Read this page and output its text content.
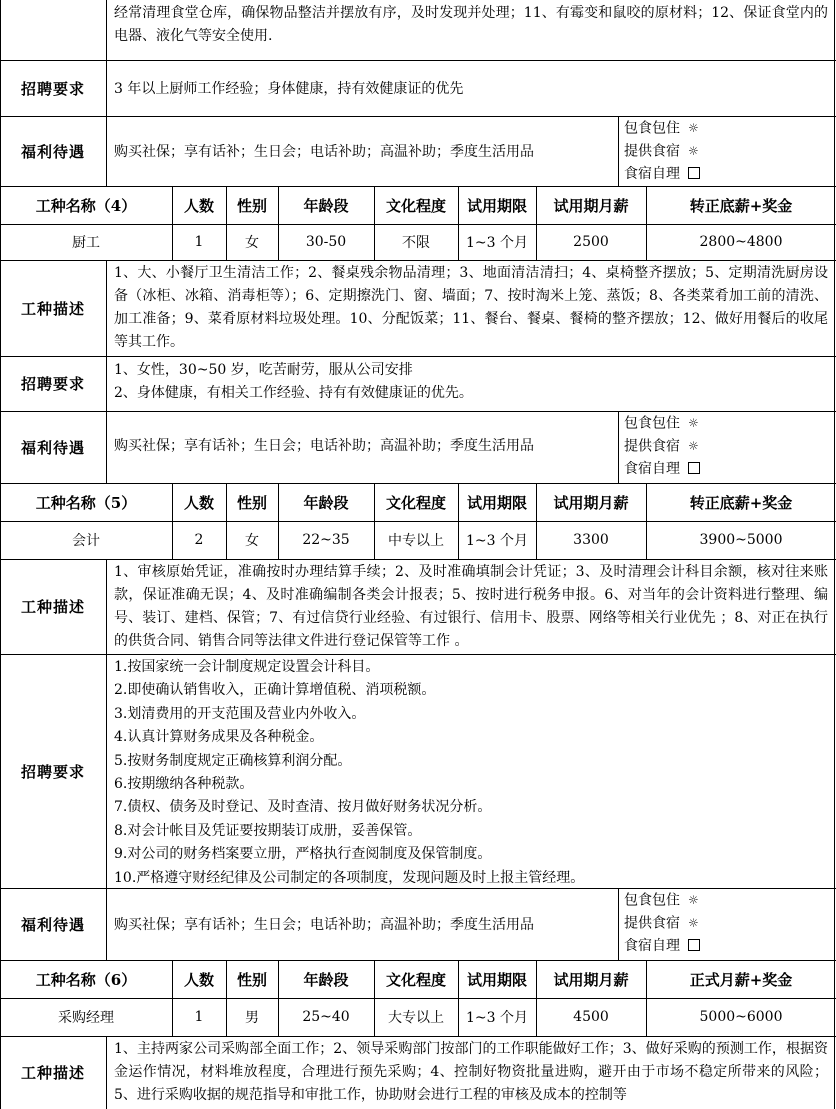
经常清理食堂仓库，确保物品整洁并摆放有序，及时发现并处理；11、有霉变和鼠咬的原材料；12、保证食堂内的电器、液化气等安全使用.
招聘要求	3 年以上厨师工作经验；身体健康，持有效健康证的优先
福利待遇	购买社保；享有话补；生日会；电话补助；高温补助；季度生活用品
包食包住 ☼
提供食宿 ☼
食宿自理
工种名称（4）	人数	性别	年龄段	文化程度	试用期限	试用期月薪	转正底薪+奖金
厨工	1	女	30-50	不限	1~3 个月	2500	2800~4800
工种描述
1、大、小餐厅卫生清洁工作；2、餐桌残余物品清理；3、地面清洁清扫；4、桌椅整齐摆放；5、定期清洗厨房设备（冰柜、冰箱、消毒柜等）；6、定期擦洗门、窗、墙面；7、按时淘米上笼、蒸饭；8、各类菜肴加工前的清洗、加工准备；9、菜肴原材料垃圾处理。10、分配饭菜；11、餐台、餐桌、餐椅的整齐摆放；12、做好用餐后的收尾等其工作。
招聘要求
1、女性，30~50 岁，吃苦耐劳，服从公司安排
2、身体健康，有相关工作经验、持有有效健康证的优先。
福利待遇	购买社保；享有话补；生日会；电话补助；高温补助；季度生活用品
包食包住 ☼
提供食宿 ☼
食宿自理
工种名称（5）	人数	性别	年龄段	文化程度	试用期限	试用期月薪	转正底薪+奖金
会计	2	女	22~35	中专以上	1~3 个月	3300	3900~5000
工种描述
1、审核原始凭证，准确按时办理结算手续；2、及时准确填制会计凭证；3、及时清理会计科目余额，核对往来账款，保证准确无误；4、及时准确编制各类会计报表；5、按时进行税务申报。6、对当年的会计资料进行整理、编号、装订、建档、保管；7、有过信贷行业经验、有过银行、信用卡、股票、网络等相关行业优先 ；8、对正在执行的供货合同、销售合同等法律文件进行登记保管等工作 。
招聘要求
1.按国家统一会计制度规定设置会计科目。
2.即使确认销售收入，正确计算增值税、消项税额。
3.划清费用的开支范围及营业内外收入。
4.认真计算财务成果及各种税金。
5.按财务制度规定正确核算利润分配。
6.按期缴纳各种税款。
7.债权、债务及时登记、及时查清、按月做好财务状况分析。
8.对会计帐目及凭证要按期装订成册，妥善保管。
9.对公司的财务档案要立册，严格执行查阅制度及保管制度。
10.严格遵守财经纪律及公司制定的各项制度，发现问题及时上报主管经理。
福利待遇	购买社保；享有话补；生日会；电话补助；高温补助；季度生活用品
包食包住 ☼
提供食宿 ☼
食宿自理
工种名称（6）	人数	性别	年龄段	文化程度	试用期限	试用期月薪	正式月薪+奖金
采购经理	1	男	25~40	大专以上	1~3 个月	4500	5000~6000
工种描述
1、主持两家公司采购部全面工作；2、领导采购部门按部门的工作职能做好工作；3、做好采购的预测工作，根据资金运作情况，材料堆放程度，合理进行预先采购；4、控制好物资批量进购，避开由于市场不稳定所带来的风险；5、进行采购收据的规范指导和审批工作，协助财会进行工程的审核及成本的控制等
